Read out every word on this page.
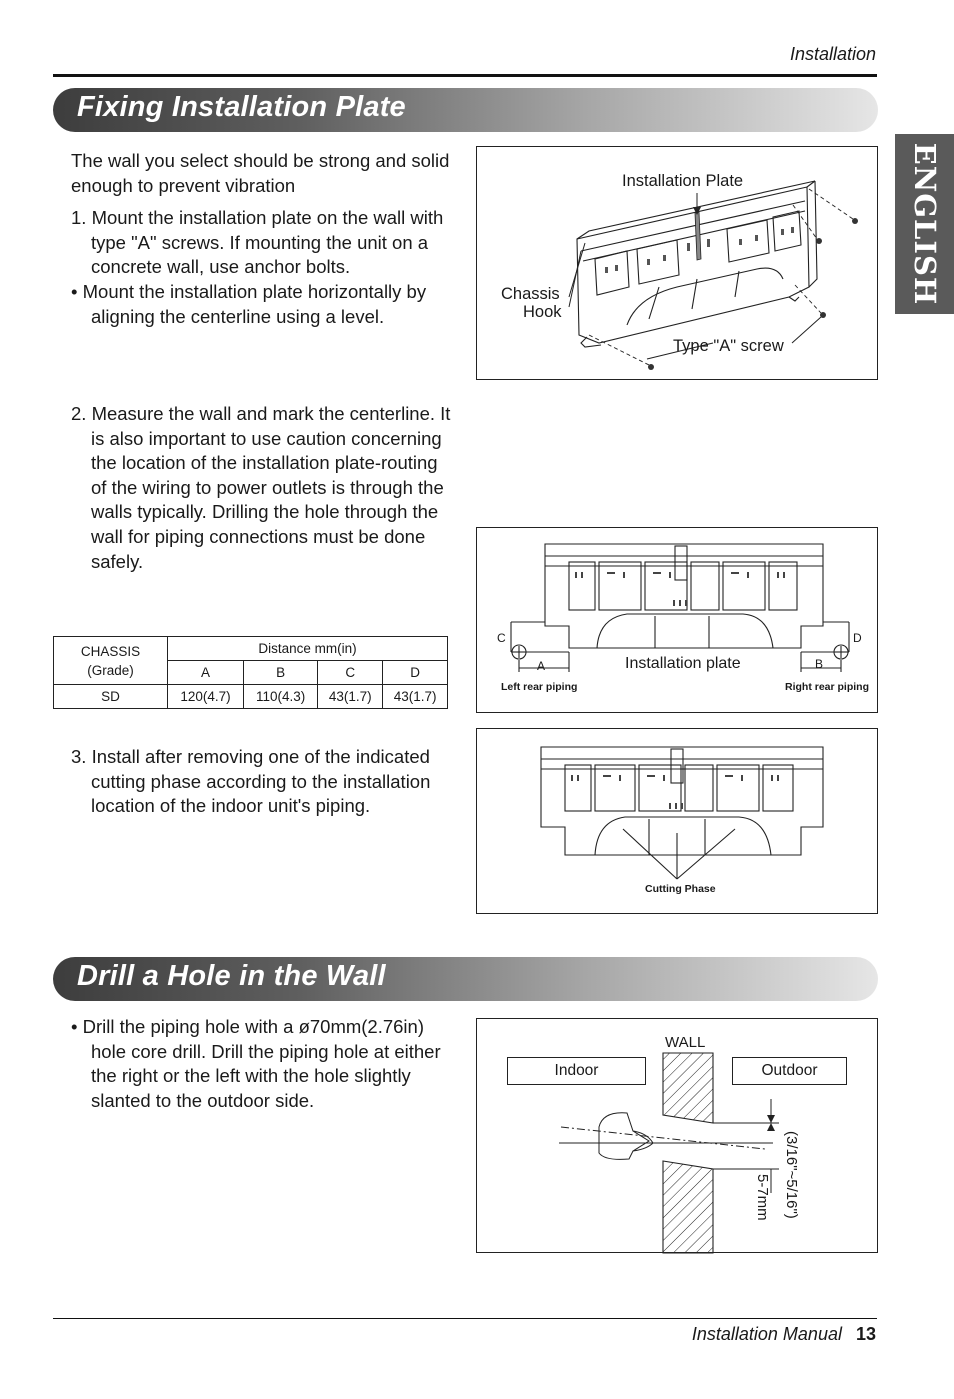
Installation
ENGLISH
Fixing Installation Plate
The wall you select should be strong and solid enough to prevent vibration
1. Mount the installation plate on the wall with type "A" screws. If mounting the unit on a concrete wall, use anchor bolts.
• Mount the installation plate horizontally by aligning the centerline using a level.
2. Measure the wall and mark the centerline. It is also important to use caution concerning the location of the installation plate-routing of the wiring to power outlets is through the walls typically. Drilling the hole through the wall for piping connections must be done safely.
Installation Plate
Chassis
Hook
Type "A" screw
C	D
A	B
Installation plate
Left rear piping	Right rear piping
CHASSIS
(Grade)	Distance mm(in)			
	A	B	C	D
SD	120(4.7)	110(4.3)	43(1.7)	43(1.7)
3. Install after removing one of the indicated cutting phase according to the installation location of the indoor unit's piping.
Cutting Phase
Drill a Hole in the Wall
• Drill the piping hole with a ø70mm(2.76in) hole core drill. Drill the piping hole at either the right or the left with the hole slightly slanted to the outdoor side.
WALL
Indoor	Outdoor
5-7mm (3/16"~5/16")
Installation Manual 13
